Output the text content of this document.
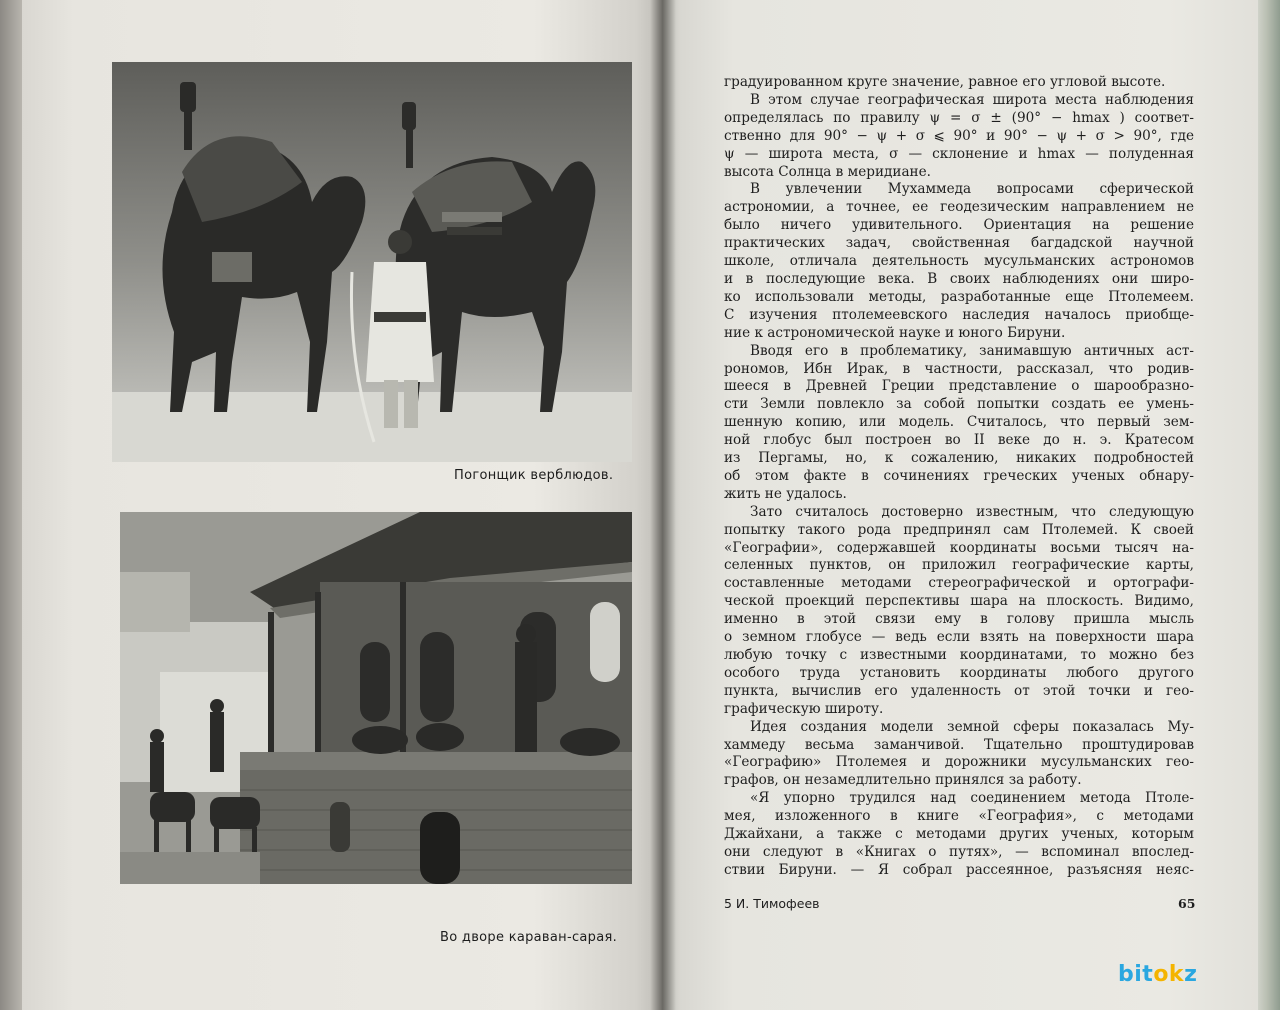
Погонщик верблюдов.
Во дворе караван-сарая.
градуированном круге значение, равное его угловой высоте.
В этом случае географическая широта места наблюдения
определялась по правилу ψ = σ ± (90° − hmax ) соответ-
ственно для 90° − ψ + σ ⩽ 90° и 90° − ψ + σ > 90°, где
ψ — широта места, σ — склонение и hmax — полуденная
высота Солнца в меридиане.
В увлечении Мухаммеда вопросами сферической
астрономии, а точнее, ее геодезическим направлением не
было ничего удивительного. Ориентация на решение
практических задач, свойственная багдадской научной
школе, отличала деятельность мусульманских астрономов
и в последующие века. В своих наблюдениях они широ-
ко использовали методы, разработанные еще Птолемеем.
С изучения птолемеевского наследия началось приобще-
ние к астрономической науке и юного Бируни.
Вводя его в проблематику, занимавшую античных аст-
рономов, Ибн Ирак, в частности, рассказал, что родив-
шееся в Древней Греции представление о шарообразно-
сти Земли повлекло за собой попытки создать ее умень-
шенную копию, или модель. Считалось, что первый зем-
ной глобус был построен во II веке до н. э. Кратесом
из Пергамы, но, к сожалению, никаких подробностей
об этом факте в сочинениях греческих ученых обнару-
жить не удалось.
Зато считалось достоверно известным, что следующую
попытку такого рода предпринял сам Птолемей. К своей
«Географии», содержавшей координаты восьми тысяч на-
селенных пунктов, он приложил географические карты,
составленные методами стереографической и ортографи-
ческой проекций перспективы шара на плоскость. Видимо,
именно в этой связи ему в голову пришла мысль
о земном глобусе — ведь если взять на поверхности шара
любую точку с известными координатами, то можно без
особого труда установить координаты любого другого
пункта, вычислив его удаленность от этой точки и гео-
графическую широту.
Идея создания модели земной сферы показалась Му-
хаммеду весьма заманчивой. Тщательно проштудировав
«Географию» Птолемея и дорожники мусульманских гео-
графов, он незамедлительно принялся за работу.
«Я упорно трудился над соединением метода Птоле-
мея, изложенного в книге «География», с методами
Джайхани, а также с методами других ученых, которым
они следуют в «Книгах о путях», — вспоминал впослед-
ствии Бируни. — Я собрал рассеянное, разъясняя неяс-
5 И. Тимофеев	65
bitokz
